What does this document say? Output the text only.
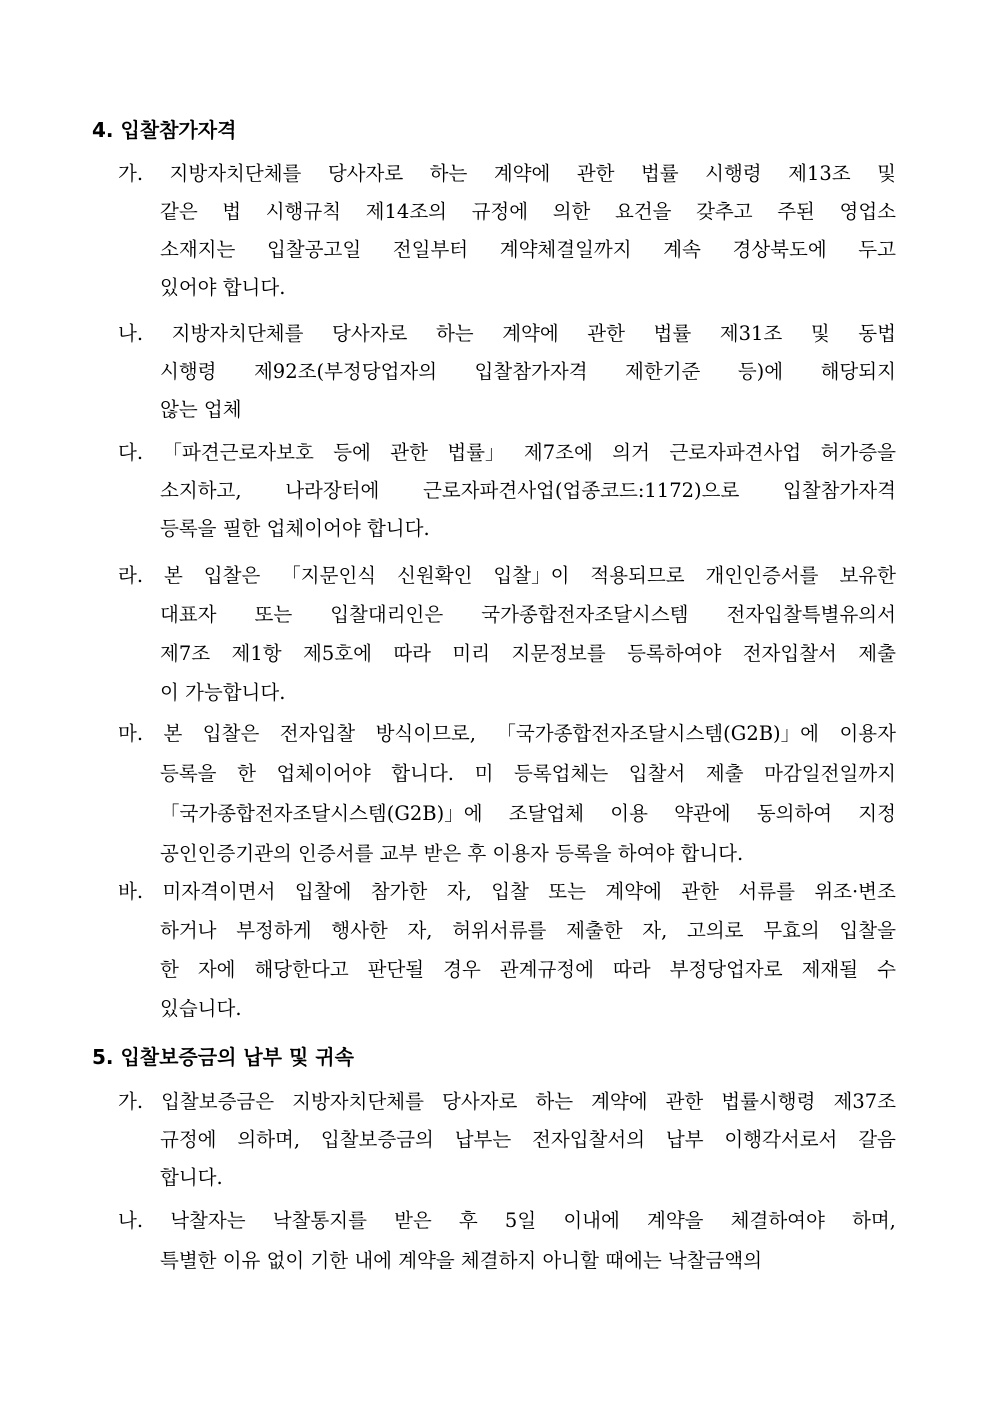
4. 입찰참가자격
가. 지방자치단체를 당사자로 하는 계약에 관한 법률 시행령 제13조 및
같은 법 시행규칙 제14조의 규정에 의한 요건을 갖추고 주된 영업소
소재지는 입찰공고일 전일부터 계약체결일까지 계속 경상북도에 두고
있어야 합니다.
나. 지방자치단체를 당사자로 하는 계약에 관한 법률 제31조 및 동법
시행령 제92조(부정당업자의 입찰참가자격 제한기준 등)에 해당되지
않는 업체
다. 「파견근로자보호 등에 관한 법률」 제7조에 의거 근로자파견사업 허가증을
소지하고, 나라장터에 근로자파견사업(업종코드:1172)으로 입찰참가자격
등록을 필한 업체이어야 합니다.
라. 본 입찰은 「지문인식 신원확인 입찰」이 적용되므로 개인인증서를 보유한
대표자 또는 입찰대리인은 국가종합전자조달시스템 전자입찰특별유의서
제7조 제1항 제5호에 따라 미리 지문정보를 등록하여야 전자입찰서 제출
이 가능합니다.
마. 본 입찰은 전자입찰 방식이므로, 「국가종합전자조달시스템(G2B)」에 이용자
등록을 한 업체이어야 합니다. 미 등록업체는 입찰서 제출 마감일전일까지
「국가종합전자조달시스템(G2B)」에 조달업체 이용 약관에 동의하여 지정
공인인증기관의 인증서를 교부 받은 후 이용자 등록을 하여야 합니다.
바. 미자격이면서 입찰에 참가한 자, 입찰 또는 계약에 관한 서류를 위조·변조
하거나 부정하게 행사한 자, 허위서류를 제출한 자, 고의로 무효의 입찰을
한 자에 해당한다고 판단될 경우 관계규정에 따라 부정당업자로 제재될 수
있습니다.
5. 입찰보증금의 납부 및 귀속
가. 입찰보증금은 지방자치단체를 당사자로 하는 계약에 관한 법률시행령 제37조
규정에 의하며, 입찰보증금의 납부는 전자입찰서의 납부 이행각서로서 갈음
합니다.
나. 낙찰자는 낙찰통지를 받은 후 5일 이내에 계약을 체결하여야 하며,
특별한 이유 없이 기한 내에 계약을 체결하지 아니할 때에는 낙찰금액의
